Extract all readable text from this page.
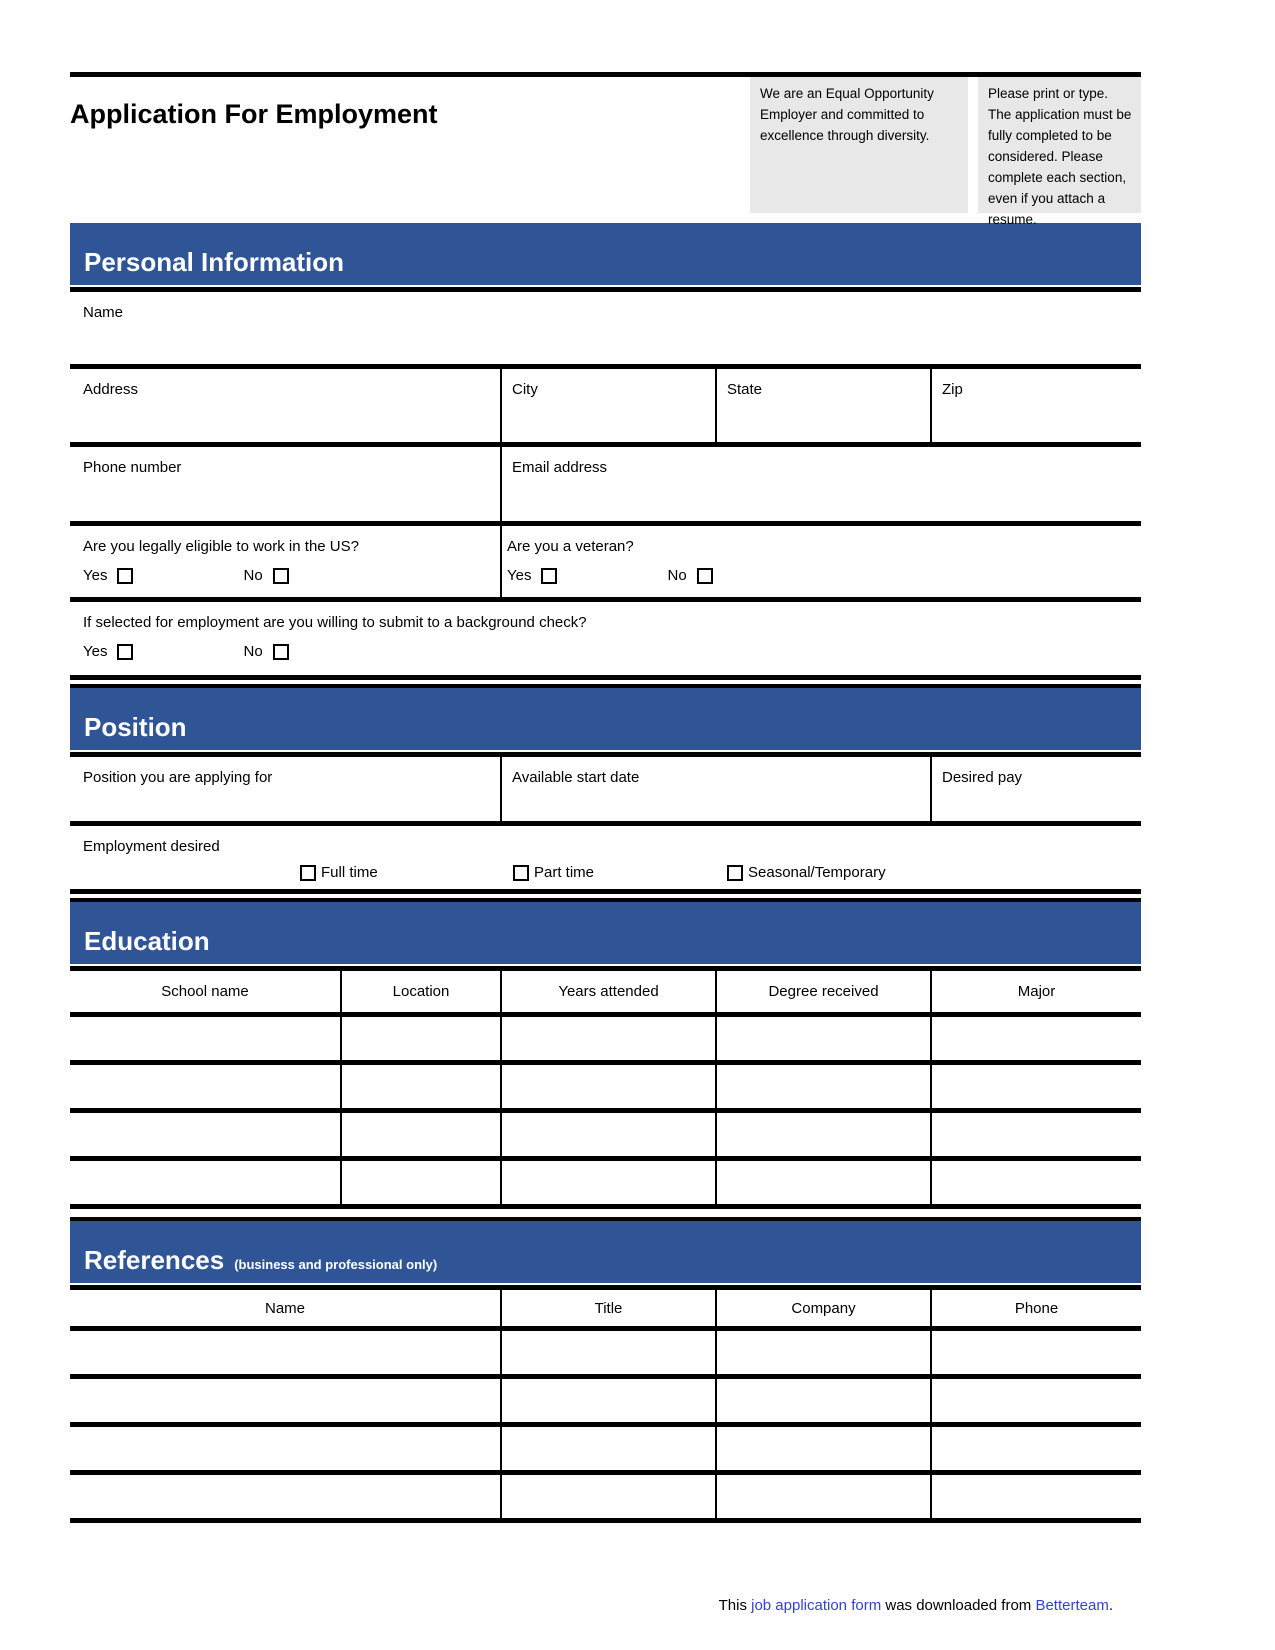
Application For Employment
We are an Equal Opportunity Employer and committed to excellence through diversity.
Please print or type. The application must be fully completed to be considered. Please complete each section, even if you attach a resume.
Personal Information
Name
Address	City	State	Zip
Phone number	Email address
Are you legally eligible to work in the US?
Yes	No
Are you a veteran?
Yes	No
If selected for employment are you willing to submit to a background check?
Yes	No
Position
Position you are applying for	Available start date	Desired pay
Employment desired
Full time	Part time	Seasonal/Temporary
Education
School name	Location	Years attended	Degree received	Major
References (business and professional only)
Name	Title	Company	Phone
This job application form was downloaded from Betterteam.
